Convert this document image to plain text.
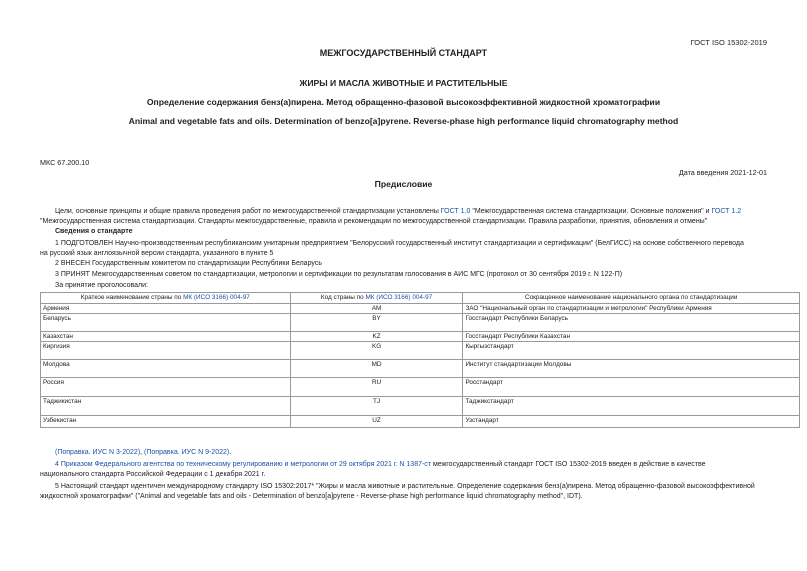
ГОСТ ISO 15302-2019
МЕЖГОСУДАРСТВЕННЫЙ СТАНДАРТ
ЖИРЫ И МАСЛА ЖИВОТНЫЕ И РАСТИТЕЛЬНЫЕ
Определение содержания бенз(а)пирена. Метод обращенно-фазовой высокоэффективной жидкостной хроматографии
Animal and vegetable fats and oils. Determination of benzo[a]pyrene. Reverse-phase high performance liquid chromatography method
МКС 67.200.10
Дата введения 2021-12-01
Предисловие
Цели, основные принципы и общие правила проведения работ по межгосударственной стандартизации установлены ГОСТ 1.0 "Межгосударственная система стандартизации. Основные положения" и ГОСТ 1.2
"Межгосударственная система стандартизации. Стандарты межгосударственные, правила и рекомендации по межгосударственной стандартизации. Правила разработки, принятия, обновления и отмены"
Сведения о стандарте
1 ПОДГОТОВЛЕН Научно-производственным республиканским унитарным предприятием "Белорусский государственный институт стандартизации и сертификации" (БелГИСС) на основе собственного перевода
на русский язык англоязычной версии стандарта, указанного в пункте 5
2 ВНЕСЕН Государственным комитетом по стандартизации Республики Беларусь
3 ПРИНЯТ Межгосударственным советом по стандартизации, метрологии и сертификации по результатам голосования в АИС МГС (протокол от 30 сентября 2019 г. N 122-П)
За принятие проголосовали:
Краткое наименование страны по МК (ИСО 3166) 004-97	Код страны по МК (ИСО 3166) 004-97	Сокращенное наименование национального органа по стандартизации
Армения	AM	ЗАО "Национальный орган по стандартизации и метрологии" Республики Армения
Беларусь	BY	Госстандарт Республики Беларусь
Казахстан	KZ	Госстандарт Республики Казахстан
Киргизия	KG	Кыргызстандарт
Молдова	MD	Институт стандартизации Молдовы
Россия	RU	Росстандарт
Таджикистан	TJ	Таджикстандарт
Узбекистан	UZ	Узстандарт
(Поправка. ИУС N 3-2022), (Поправка. ИУС N 9-2022).
4 Приказом Федерального агентства по техническому регулированию и метрологии от 29 октября 2021 г. N 1387-ст межгосударственный стандарт ГОСТ ISO 15302-2019 введен в действие в качестве
национального стандарта Российской Федерации с 1 декабря 2021 г.
5 Настоящий стандарт идентичен международному стандарту ISO 15302:2017* "Жиры и масла животные и растительные. Определение содержания бенз(а)пирена. Метод обращенно-фазовой высокоэффективной
жидкостной хроматографии" ("Animal and vegetable fats and oils - Determination of benzo[a]pyrene - Reverse-phase high performance liquid chromatography method", IDT).
